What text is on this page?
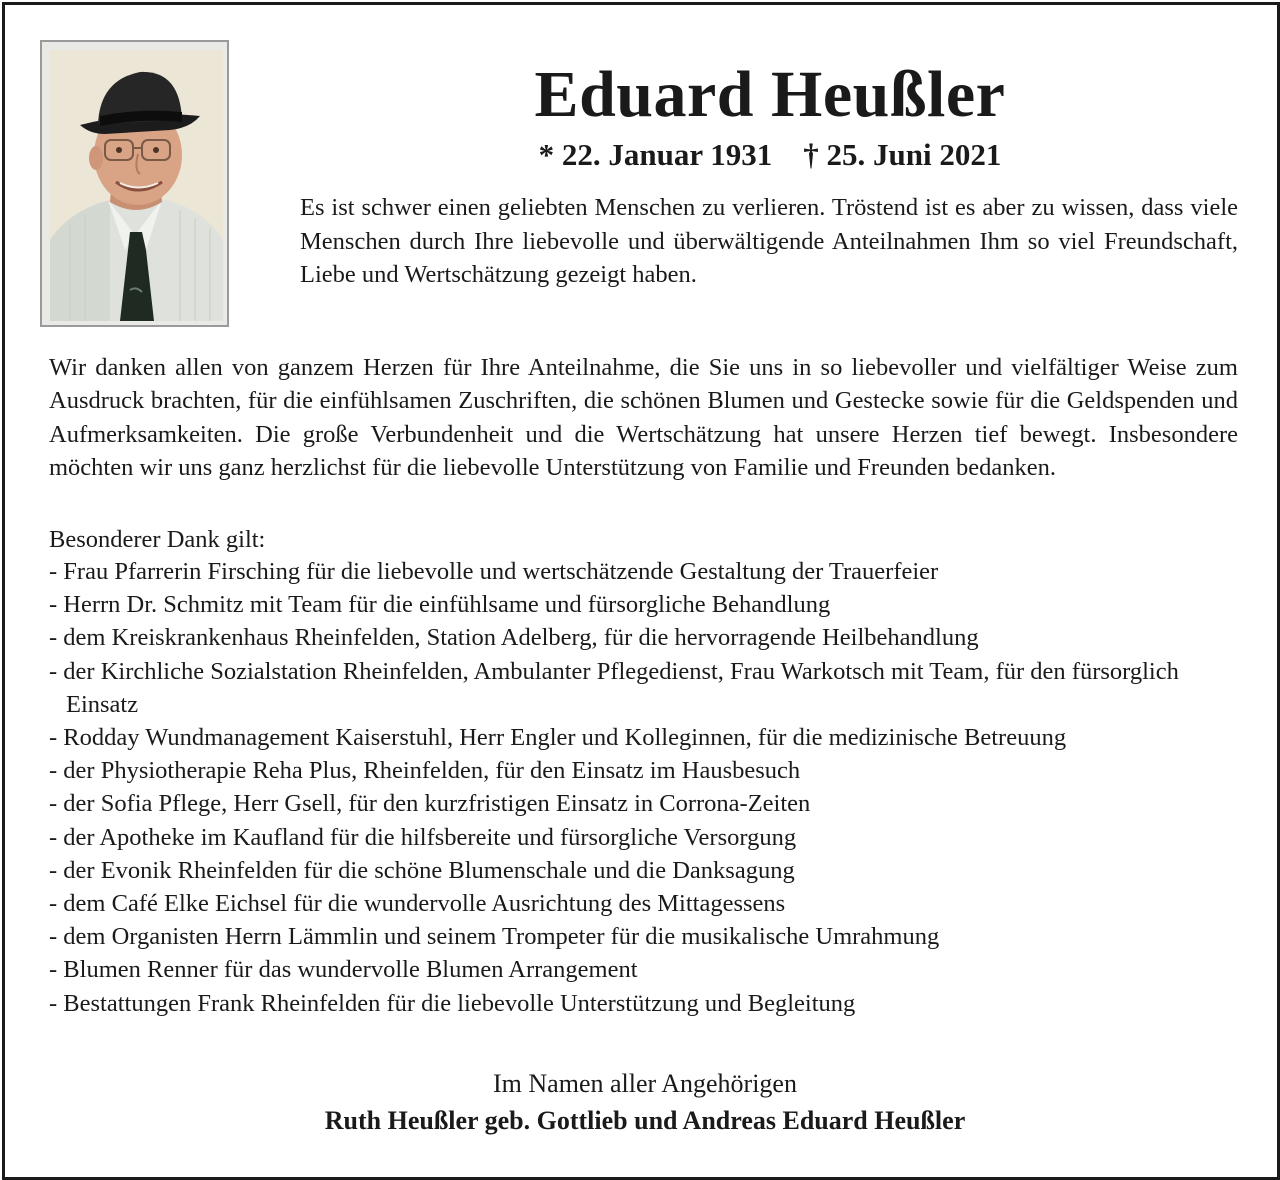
Eduard Heußler
* 22. Januar 1931 † 25. Juni 2021
Es ist schwer einen geliebten Menschen zu verlieren. Tröstend ist es aber zu wissen, dass viele Menschen durch Ihre liebevolle und überwältigende Anteilnahmen Ihm so viel Freundschaft, Liebe und Wertschätzung gezeigt haben.
Wir danken allen von ganzem Herzen für Ihre Anteilnahme, die Sie uns in so liebevoller und vielfältiger Weise zum Ausdruck brachten, für die einfühlsamen Zuschriften, die schönen Blumen und Gestecke sowie für die Geldspenden und Aufmerksamkeiten. Die große Verbundenheit und die Wertschätzung hat unsere Herzen tief bewegt. Insbesondere möchten wir uns ganz herzlichst für die liebevolle Unterstützung von Familie und Freunden bedanken.
Besonderer Dank gilt:
- Frau Pfarrerin Firsching für die liebevolle und wertschätzende Gestaltung der Trauerfeier
- Herrn Dr. Schmitz mit Team für die einfühlsame und fürsorgliche Behandlung
- dem Kreiskrankenhaus Rheinfelden, Station Adelberg, für die hervorragende Heilbehandlung
- der Kirchliche Sozialstation Rheinfelden, Ambulanter Pflegedienst, Frau Warkotsch mit Team, für den fürsorglich Einsatz
- Rodday Wundmanagement Kaiserstuhl, Herr Engler und Kolleginnen, für die medizinische Betreuung
- der Physiotherapie Reha Plus, Rheinfelden, für den Einsatz im Hausbesuch
- der Sofia Pflege, Herr Gsell, für den kurzfristigen Einsatz in Corrona-Zeiten
- der Apotheke im Kaufland für die hilfsbereite und fürsorgliche Versorgung
- der Evonik Rheinfelden für die schöne Blumenschale und die Danksagung
- dem Café Elke Eichsel für die wundervolle Ausrichtung des Mittagessens
- dem Organisten Herrn Lämmlin und seinem Trompeter für die musikalische Umrahmung
- Blumen Renner für das wundervolle Blumen Arrangement
- Bestattungen Frank Rheinfelden für die liebevolle Unterstützung und Begleitung
Im Namen aller Angehörigen
Ruth Heußler geb. Gottlieb und Andreas Eduard Heußler
